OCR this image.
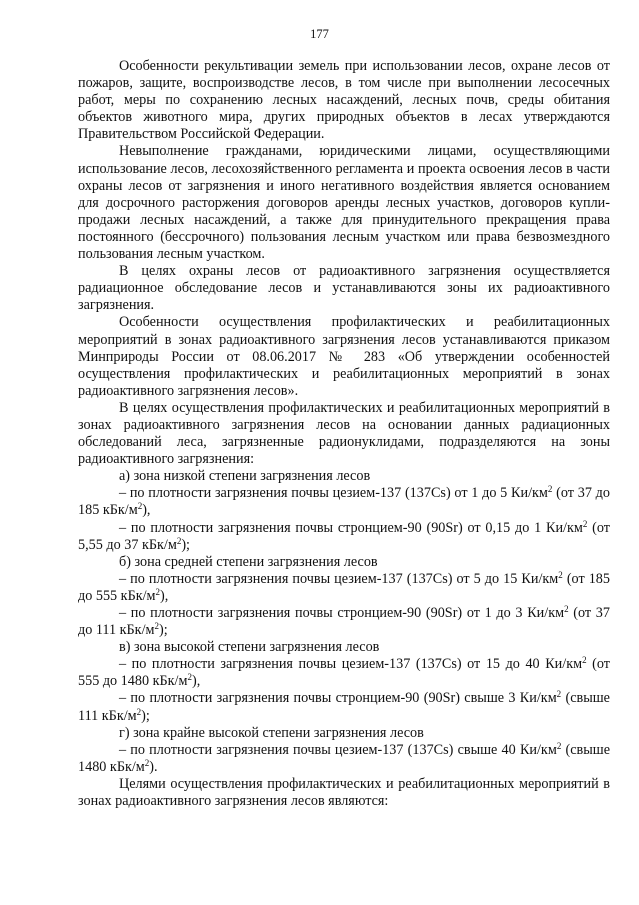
177

Особенности рекультивации земель при использовании лесов, охране лесов от пожаров, защите, воспроизводстве лесов, в том числе при выполнении лесосечных работ, меры по сохранению лесных насаждений, лесных почв, среды обитания объектов животного мира, других природных объектов в лесах утверждаются Правительством Российской Федерации.

Невыполнение гражданами, юридическими лицами, осуществляющими использование лесов, лесохозяйственного регламента и проекта освоения лесов в части охраны лесов от загрязнения и иного негативного воздействия является основанием для досрочного расторжения договоров аренды лесных участков, договоров купли-продажи лесных насаждений, а также для принудительного прекращения права постоянного (бессрочного) пользования лесным участком или права безвозмездного пользования лесным участком.

В целях охраны лесов от радиоактивного загрязнения осуществляется радиационное обследование лесов и устанавливаются зоны их радиоактивного загрязнения.

Особенности осуществления профилактических и реабилитационных мероприятий в зонах радиоактивного загрязнения лесов устанавливаются приказом Минприроды России от 08.06.2017 № 283 «Об утверждении особенностей осуществления профилактических и реабилитационных мероприятий в зонах радиоактивного загрязнения лесов».

В целях осуществления профилактических и реабилитационных мероприятий в зонах радиоактивного загрязнения лесов на основании данных радиационных обследований леса, загрязненные радионуклидами, подразделяются на зоны радиоактивного загрязнения:

а) зона низкой степени загрязнения лесов

– по плотности загрязнения почвы цезием-137 (137Cs) от 1 до 5 $Ки/км^2$ (от 37 до 185 кБк/$м^2$),

– по плотности загрязнения почвы стронцием-90 (90Sr) от 0,15 до 1 $Ки/км^2$ (от 5,55 до 37 кБк/$м^2$);

б) зона средней степени загрязнения лесов

– по плотности загрязнения почвы цезием-137 (137Cs) от 5 до 15 $Ки/км^2$ (от 185 до 555 кБк/$м^2$),

– по плотности загрязнения почвы стронцием-90 (90Sr) от 1 до 3 $Ки/км^2$ (от 37 до 111 кБк/$м^2$);

в) зона высокой степени загрязнения лесов

– по плотности загрязнения почвы цезием-137 (137Cs) от 15 до 40 $Ки/км^2$ (от 555 до 1480 кБк/$м^2$),

– по плотности загрязнения почвы стронцием-90 (90Sr) свыше 3 $Ки/км^2$ (свыше 111 кБк/$м^2$);

г) зона крайне высокой степени загрязнения лесов

– по плотности загрязнения почвы цезием-137 (137Cs) свыше 40 $Ки/км^2$ (свыше 1480 кБк/$м^2$).

Целями осуществления профилактических и реабилитационных мероприятий в зонах радиоактивного загрязнения лесов являются:
